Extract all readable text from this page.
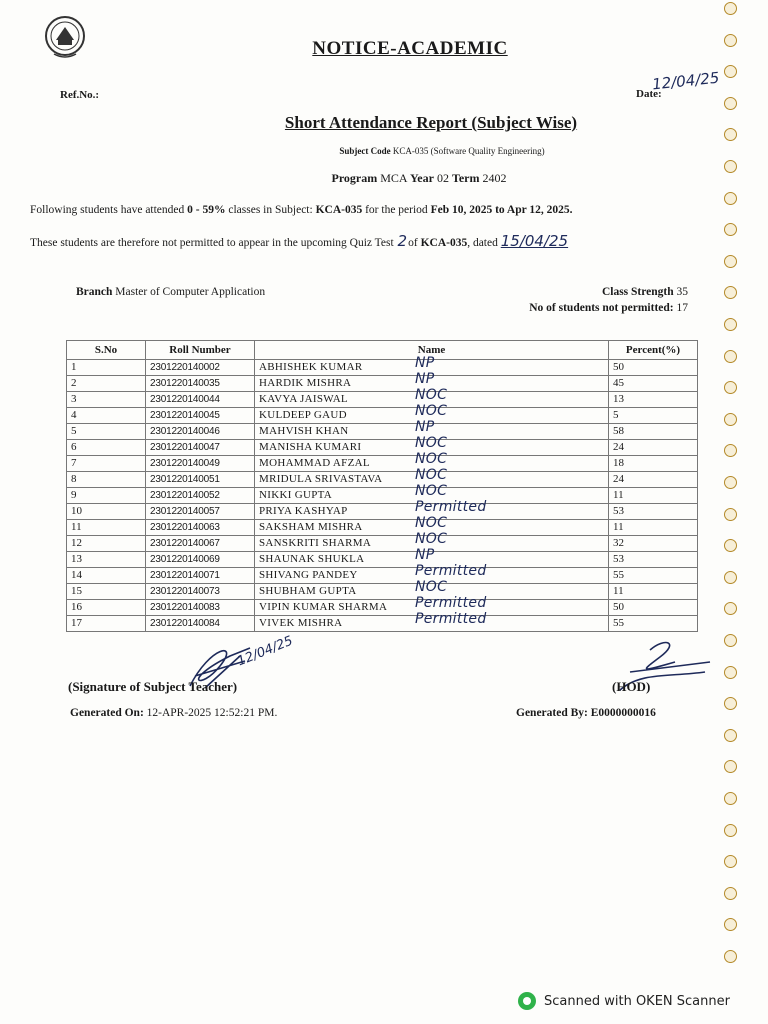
NOTICE-ACADEMIC
Ref.No.:	Date:
12/04/25
Short Attendance Report (Subject Wise)
Subject Code KCA-035 (Software Quality Engineering)
Program MCA Year 02 Term 2402
Following students have attended 0 - 59% classes in Subject: KCA-035 for the period Feb 10, 2025 to Apr 12, 2025.
These students are therefore not permitted to appear in the upcoming Quiz Test 2of KCA-035, dated 15/04/25
Branch Master of Computer Application	Class Strength 35
No of students not permitted: 17
S.No	Roll Number	Name	Percent(%)
1	2301220140002	ABHISHEK KUMAR NP	50
2	2301220140035	HARDIK MISHRA NP	45
3	2301220140044	KAVYA JAISWAL NOC	13
4	2301220140045	KULDEEP GAUD NOC	5
5	2301220140046	MAHVISH KHAN NP	58
6	2301220140047	MANISHA KUMARI NOC	24
7	2301220140049	MOHAMMAD AFZAL NOC	18
8	2301220140051	MRIDULA SRIVASTAVA NOC	24
9	2301220140052	NIKKI GUPTA NOC	11
10	2301220140057	PRIYA KASHYAP Permitted	53
11	2301220140063	SAKSHAM MISHRA NOC	11
12	2301220140067	SANSKRITI SHARMA NOC	32
13	2301220140069	SHAUNAK SHUKLA NP	53
14	2301220140071	SHIVANG PANDEY Permitted	55
15	2301220140073	SHUBHAM GUPTA NOC	11
16	2301220140083	VIPIN KUMAR SHARMA Permitted	50
17	2301220140084	VIVEK MISHRA Permitted	55
12/04/25
(Signature of Subject Teacher)	(HOD)
Generated On: 12-APR-2025 12:52:21 PM.	Generated By: E0000000016
Scanned with OKEN Scanner
